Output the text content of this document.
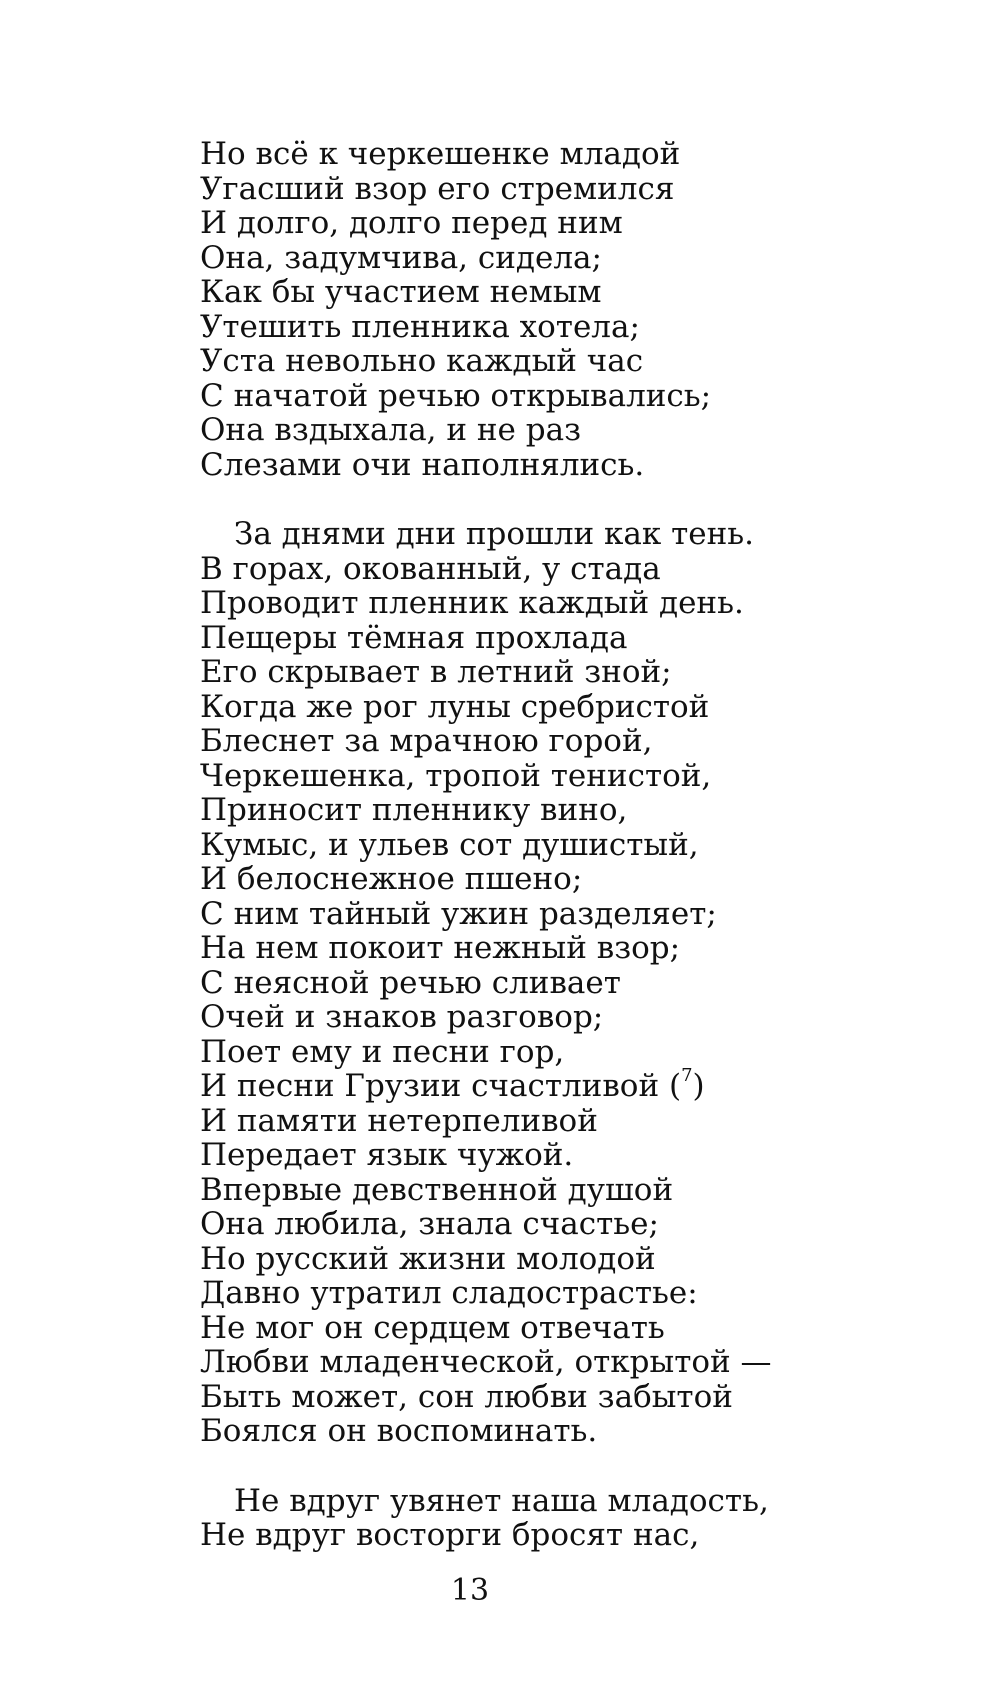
Но всё к черкешенке младой
Угасший взор его стремился
И долго, долго перед ним
Она, задумчива, сидела;
Как бы участием немым
Утешить пленника хотела;
Уста невольно каждый час
С начатой речью открывались;
Она вздыхала, и не раз
Слезами очи наполнялись.
За днями дни прошли как тень.
В горах, окованный, у стада
Проводит пленник каждый день.
Пещеры тёмная прохлада
Его скрывает в летний зной;
Когда же рог луны сребристой
Блеснет за мрачною горой,
Черкешенка, тропой тенистой,
Приносит пленнику вино,
Кумыс, и ульев сот душистый,
И белоснежное пшено;
С ним тайный ужин разделяет;
На нем покоит нежный взор;
С неясной речью сливает
Очей и знаков разговор;
Поет ему и песни гор,
И песни Грузии счастливой ($^7$)
И памяти нетерпеливой
Передает язык чужой.
Впервые девственной душой
Она любила, знала счастье;
Но русский жизни молодой
Давно утратил сладострастье:
Не мог он сердцем отвечать
Любви младенческой, открытой —
Быть может, сон любви забытой
Боялся он воспоминать.
Не вдруг увянет наша младость,
Не вдруг восторги бросят нас,
13
